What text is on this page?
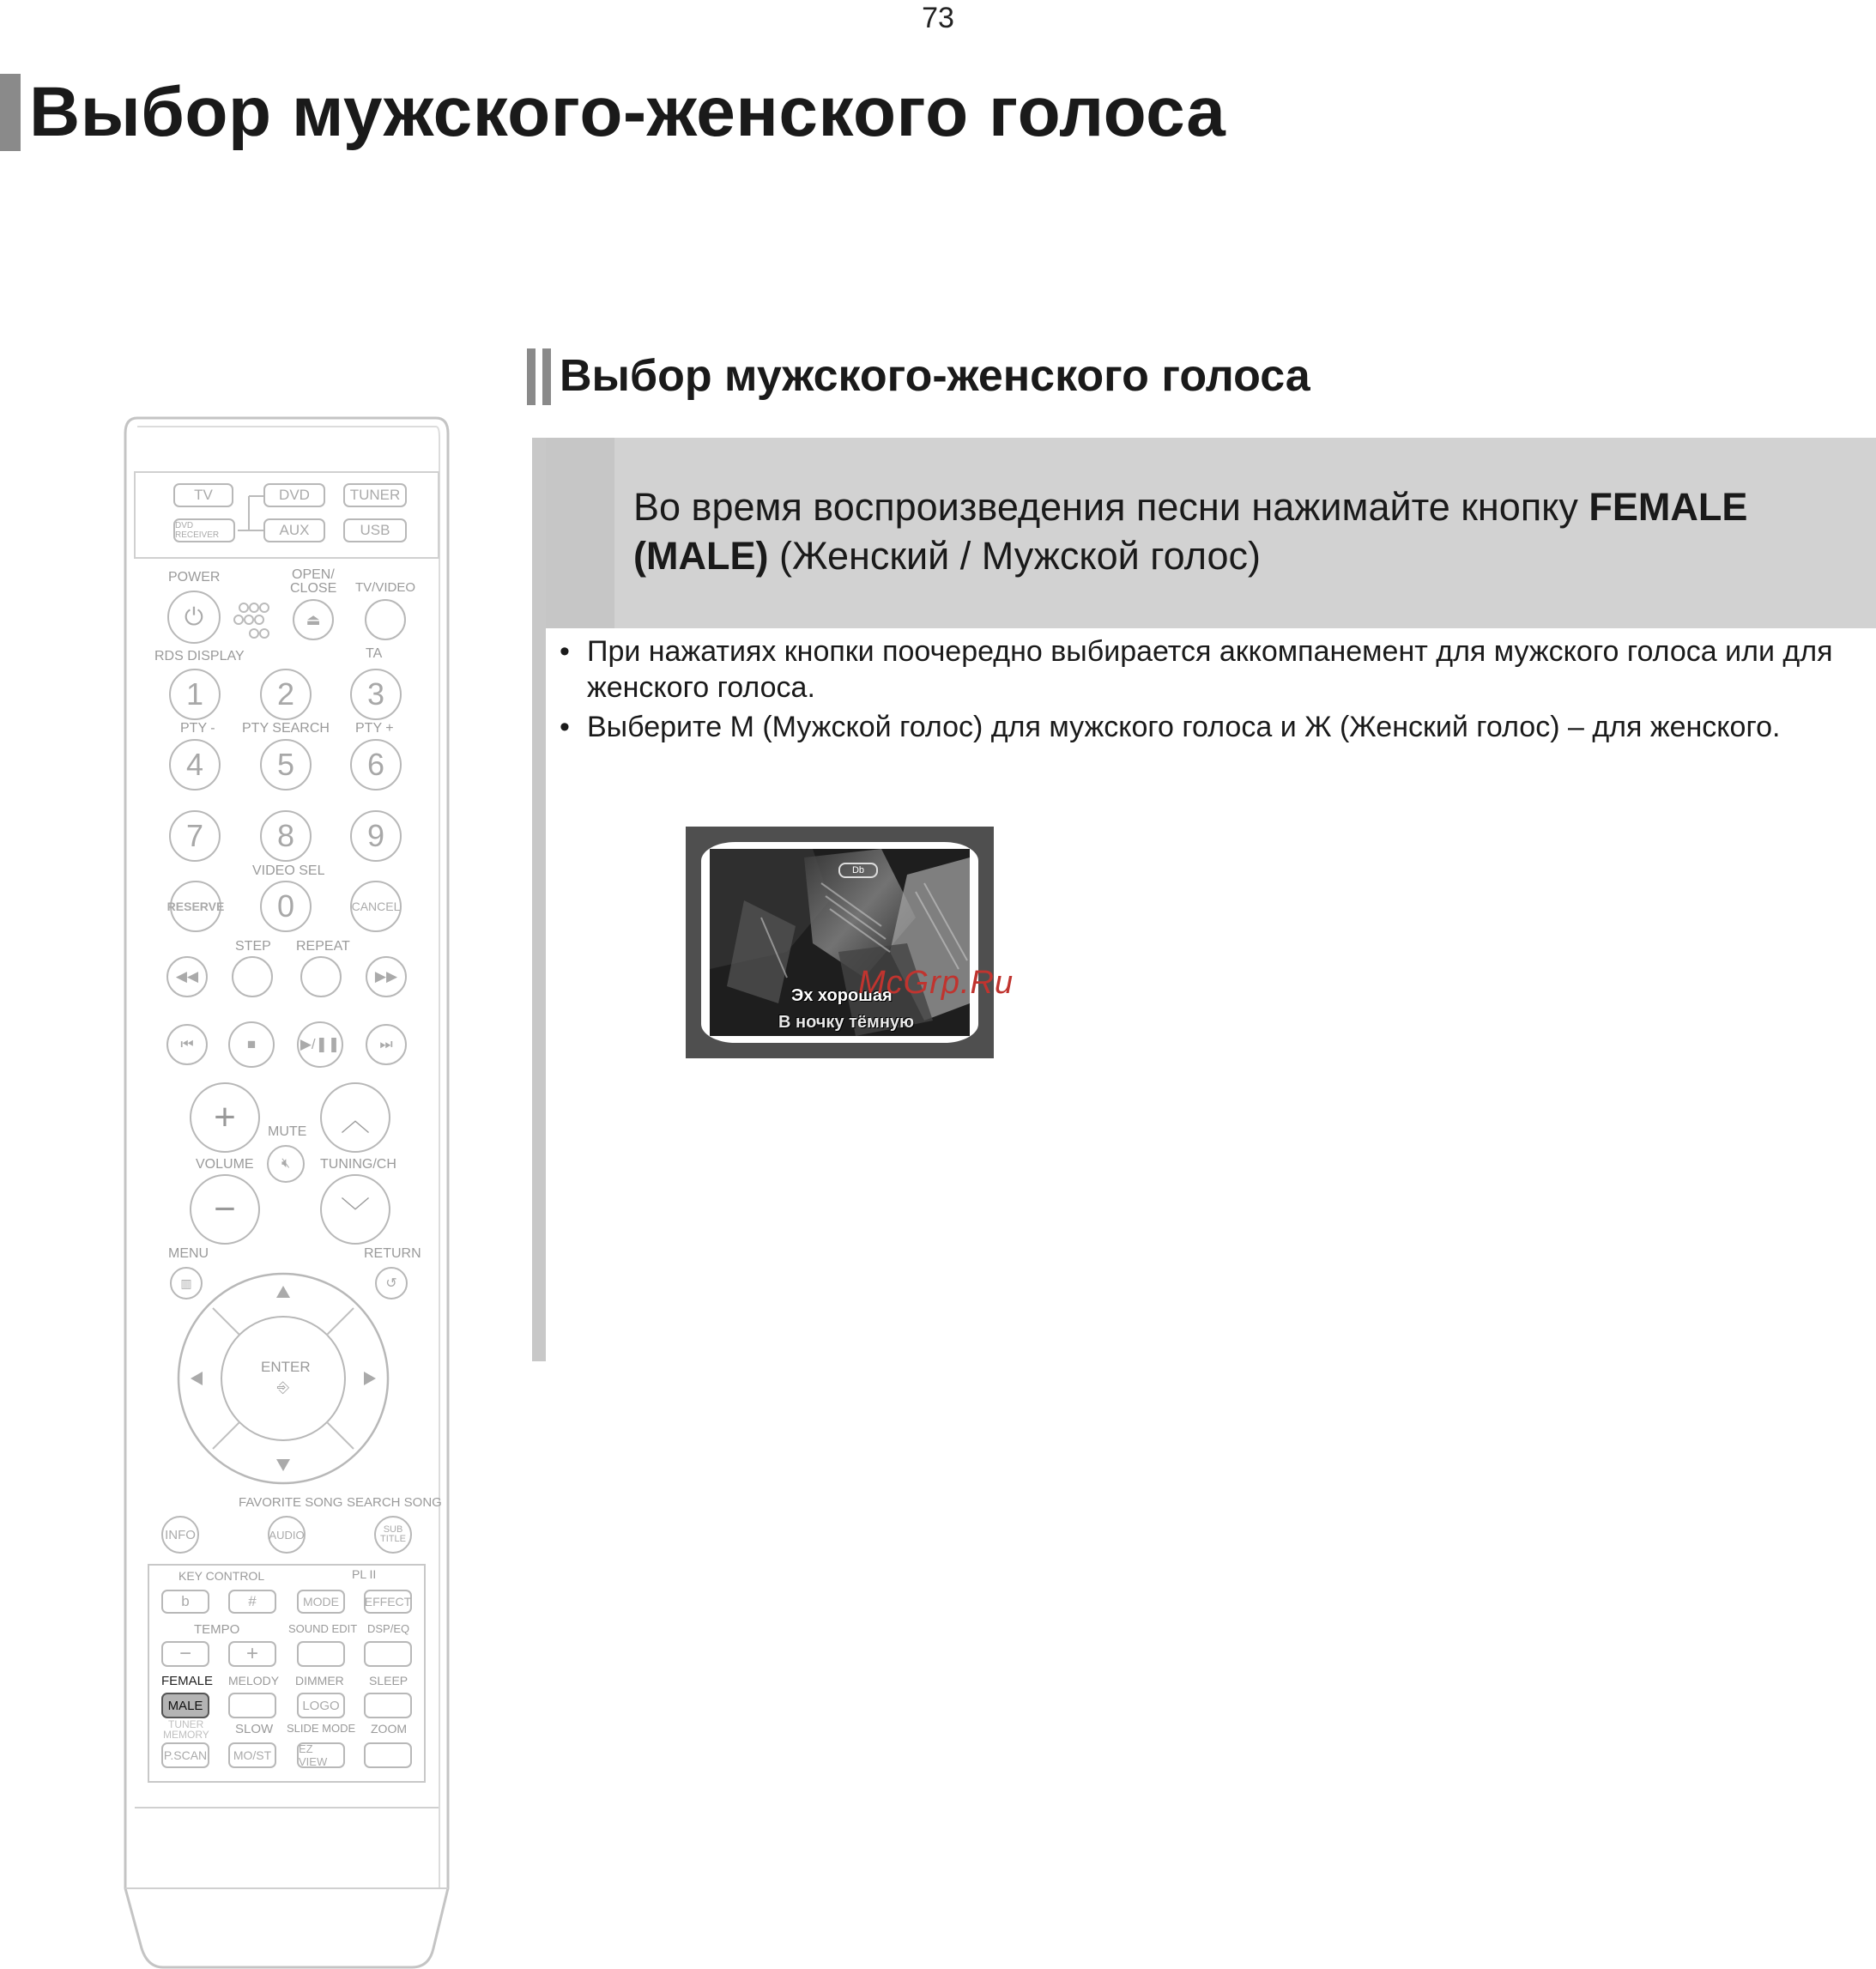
73
Выбор мужского-женского голоса
Выбор мужского-женского голоса
Во время воспроизведения песни нажимайте кнопку FEMALE (MALE) (Женский / Мужской голос)
• При нажатиях кнопки поочередно выбирается аккомпанемент для мужского голоса или для женского голоса.
• Выберите М (Мужской голос) для мужского голоса и Ж (Женский голос) – для женского.
Db
Эх хорошая
В ночку тёмную
McGrp.Ru
TV	DVD	TUNER
DVD RECEIVER	AUX	USB
POWER	OPEN/
CLOSE TV/VIDEO
⏻	⏏
RDS DISPLAY	TA
1	2	3
PTY - PTY SEARCH PTY +
4	5	6
7	8	9
VIDEO SEL
RESERVE	0	CANCEL
STEP REPEAT
◀◀	▶▶
⏮	■	▶/❚❚	⏭
+	︿
MUTE
🔇︎
VOLUME	TUNING/CH
−	﹀
MENU	RETURN
▥	↺
ENTER
⎆
FAVORITE SONG SEARCH SONG
INFO	AUDIO	SUB
TITLE
KEY CONTROL	PL II
b	#	MODE	EFFECT
TEMPO	SOUND EDIT DSP/EQ
−	+
FEMALE MELODY DIMMER SLEEP
MALE	LOGO
TUNER
MEMORY SLOW SLIDE MODE ZOOM
P.SCAN	MO/ST	EZ VIEW
